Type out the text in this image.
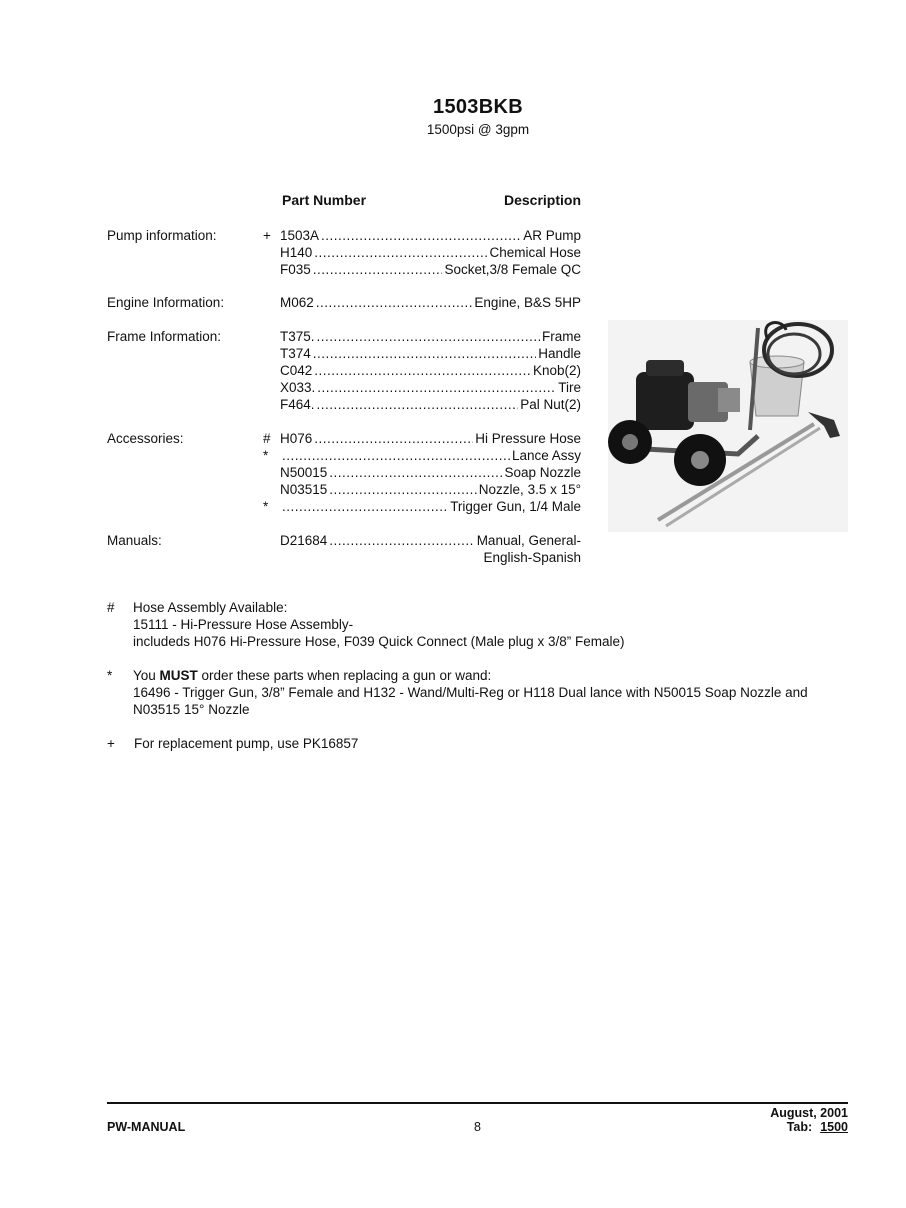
1503BKB
1500psi @ 3gpm
Part Number	Description
Pump information:	+ 1503A .....	AR Pump
H140 .....	Chemical Hose
F035 .....	Socket,3/8 Female QC
Engine Information:	M062 .....	Engine, B&S 5HP
Frame Information:	T375. .....	Frame
T374 .....	Handle
C042 .....	Knob(2)
X033. .....	Tire
F464. .....	Pal Nut(2)
Accessories:	# H076 .....	Hi Pressure Hose
* .....	Lance Assy
N50015 .....	Soap Nozzle
N03515 .....	Nozzle, 3.5 x 15°
* .....	Trigger Gun, 1/4 Male
Manuals:	D21684 .....	Manual, General-
English-Spanish
# Hose Assembly Available:
15111 - Hi-Pressure Hose Assembly-
includeds H076 Hi-Pressure Hose, F039 Quick Connect (Male plug x 3/8” Female)
* You MUST order these parts when replacing a gun or wand:
16496 - Trigger Gun, 3/8” Female and H132 - Wand/Multi-Reg or H118 Dual lance with N50015 Soap Nozzle and
N03515 15° Nozzle
+ For replacement pump, use PK16857
PW-MANUAL	8
August, 2001
Tab: 1500
